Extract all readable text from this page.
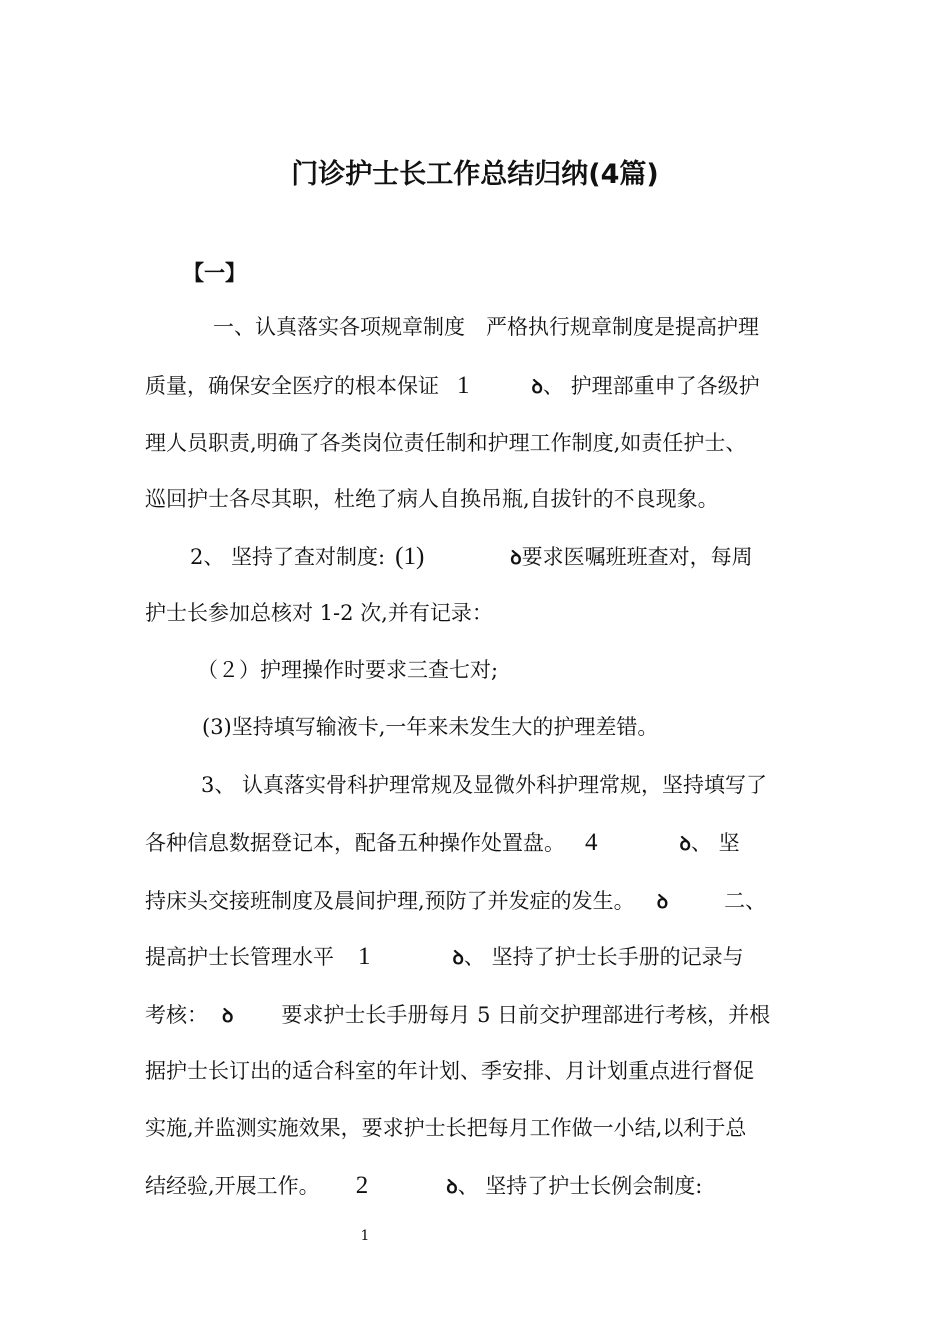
门诊护士长工作总结归纳(4篇)
【一】
一、认真落实各项规章制度　严格执行规章制度是提高护理
质量，确保安全医疗的根本保证 1	ꝺ、 护理部重申了各级护
理人员职责,明确了各类岗位责任制和护理工作制度,如责任护士、
巡回护士各尽其职，杜绝了病人自换吊瓶,自拔针的不良现象。
2、 坚持了查对制度: (1)	ꝺ要求医嘱班班查对，每周
护士长参加总核对 1-2 次,并有记录：
（２）护理操作时要求三查七对;
(3)坚持填写输液卡,一年来未发生大的护理差错。
3、 认真落实骨科护理常规及显微外科护理常规，坚持填写了
各种信息数据登记本，配备五种操作处置盘。 4	ꝺ、 坚
持床头交接班制度及晨间护理,预防了并发症的发生。 ꝺ	二、
提高护士长管理水平 1	ꝺ、 坚持了护士长手册的记录与
考核： ꝺ 要求护士长手册每月 5 日前交护理部进行考核，并根
据护士长订出的适合科室的年计划、季安排、月计划重点进行督促
实施,并监测实施效果，要求护士长把每月工作做一小结,以利于总
结经验,开展工作。 2	ꝺ、 坚持了护士长例会制度:
1
